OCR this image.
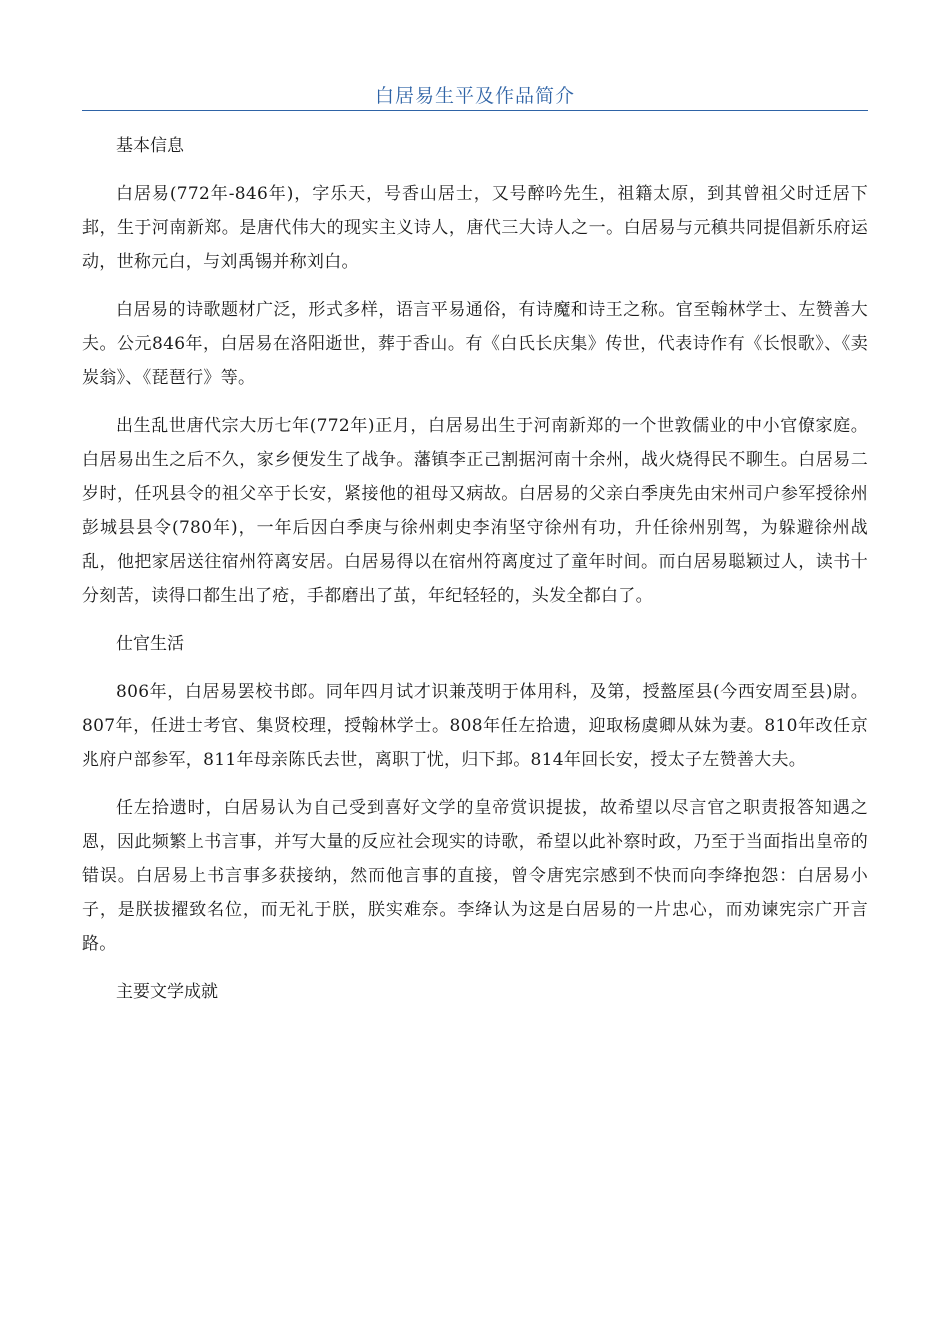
白居易生平及作品简介

基本信息

白居易(772年-846年)，字乐天，号香山居士，又号醉吟先生，祖籍太原，到其曾祖父时迁居下邽，生于河南新郑。是唐代伟大的现实主义诗人，唐代三大诗人之一。白居易与元稹共同提倡新乐府运动，世称元白，与刘禹锡并称刘白。

白居易的诗歌题材广泛，形式多样，语言平易通俗，有诗魔和诗王之称。官至翰林学士、左赞善大夫。公元846年，白居易在洛阳逝世，葬于香山。有《白氏长庆集》传世，代表诗作有《长恨歌》、《卖炭翁》、《琵琶行》等。

出生乱世唐代宗大历七年(772年)正月，白居易出生于河南新郑的一个世敦儒业的中小官僚家庭。白居易出生之后不久，家乡便发生了战争。藩镇李正己割据河南十余州，战火烧得民不聊生。白居易二岁时，任巩县令的祖父卒于长安，紧接他的祖母又病故。白居易的父亲白季庚先由宋州司户参军授徐州彭城县县令(780年)，一年后因白季庚与徐州刺史李洧坚守徐州有功，升任徐州别驾，为躲避徐州战乱，他把家居送往宿州符离安居。白居易得以在宿州符离度过了童年时间。而白居易聪颖过人，读书十分刻苦，读得口都生出了疮，手都磨出了茧，年纪轻轻的，头发全都白了。

仕官生活

806年，白居易罢校书郎。同年四月试才识兼茂明于体用科，及第，授盩厔县(今西安周至县)尉。807年，任进士考官、集贤校理，授翰林学士。808年任左拾遗，迎取杨虞卿从妹为妻。810年改任京兆府户部参军，811年母亲陈氏去世，离职丁忧，归下邽。814年回长安，授太子左赞善大夫。

任左拾遗时，白居易认为自己受到喜好文学的皇帝赏识提拔，故希望以尽言官之职责报答知遇之恩，因此频繁上书言事，并写大量的反应社会现实的诗歌，希望以此补察时政，乃至于当面指出皇帝的错误。白居易上书言事多获接纳，然而他言事的直接，曾令唐宪宗感到不快而向李绛抱怨：白居易小子，是朕拔擢致名位，而无礼于朕，朕实难奈。李绛认为这是白居易的一片忠心，而劝谏宪宗广开言路。

主要文学成就
